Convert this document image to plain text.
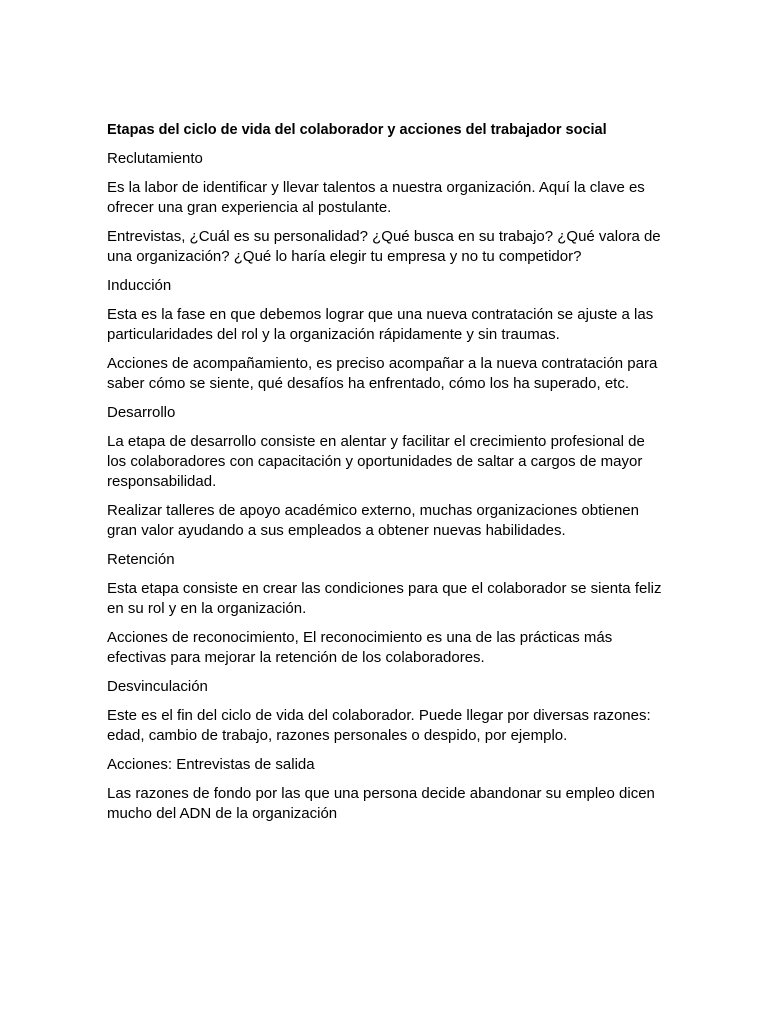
Etapas del ciclo de vida del colaborador y acciones del trabajador social
Reclutamiento
Es la labor de identificar y llevar talentos a nuestra organización. Aquí la clave es ofrecer una gran experiencia al postulante.
Entrevistas, ¿Cuál es su personalidad? ¿Qué busca en su trabajo? ¿Qué valora de una organización? ¿Qué lo haría elegir tu empresa y no tu competidor?
Inducción
Esta es la fase en que debemos lograr que una nueva contratación se ajuste a las particularidades del rol y la organización rápidamente y sin traumas.
Acciones de acompañamiento, es preciso acompañar a la nueva contratación para saber cómo se siente, qué desafíos ha enfrentado, cómo los ha superado, etc.
Desarrollo
La etapa de desarrollo consiste en alentar y facilitar el crecimiento profesional de los colaboradores con capacitación y oportunidades de saltar a cargos de mayor responsabilidad.
Realizar talleres de apoyo académico externo, muchas organizaciones obtienen gran valor ayudando a sus empleados a obtener nuevas habilidades.
Retención
Esta etapa consiste en crear las condiciones para que el colaborador se sienta feliz en su rol y en la organización.
Acciones de reconocimiento, El reconocimiento es una de las prácticas más efectivas para mejorar la retención de los colaboradores.
Desvinculación
Este es el fin del ciclo de vida del colaborador. Puede llegar por diversas razones: edad, cambio de trabajo, razones personales o despido, por ejemplo.
Acciones: Entrevistas de salida
Las razones de fondo por las que una persona decide abandonar su empleo dicen mucho del ADN de la organización
